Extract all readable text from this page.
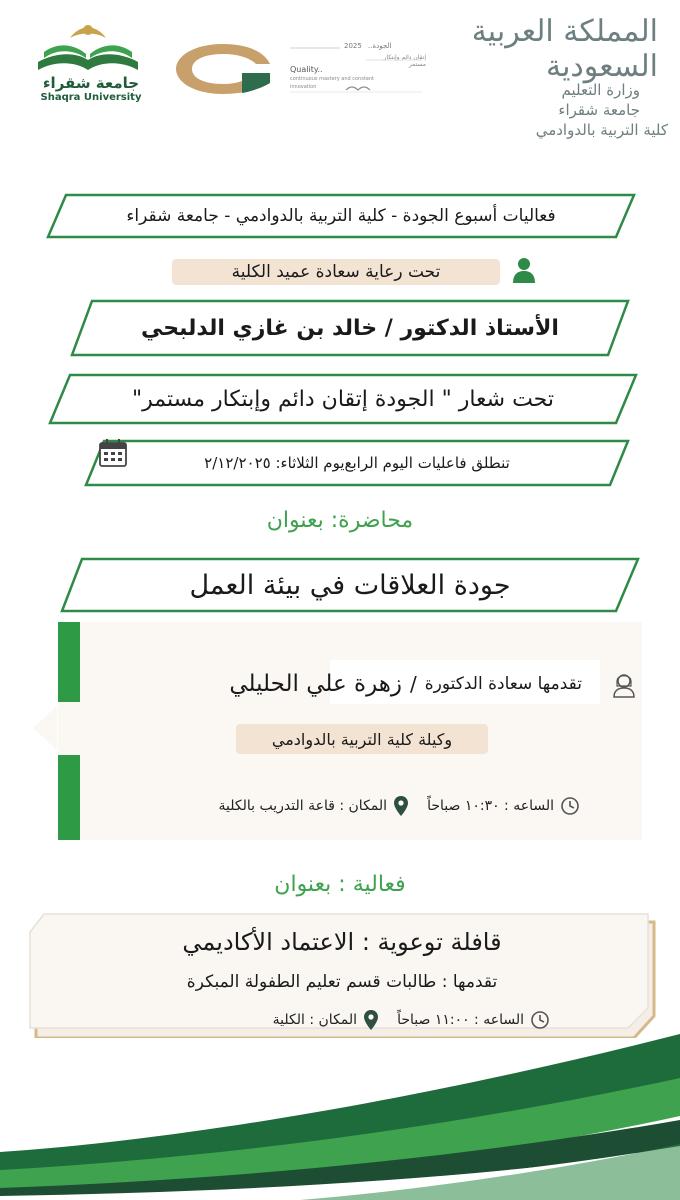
المملكة العربية السعودية
وزارة التعليم
جامعة شقراء
كلية التربية بالدوادمي
2025 الجودة..
إتقان دائم وإبتكار مستمر
Quality..
continuous mastery and constant
innovation
جامعة شقراء
Shaqra University
فعاليات أسبوع الجودة - كلية التربية بالدوادمي - جامعة شقراء
تحت رعاية سعادة عميد الكلية
الأستاذ الدكتور / خالد بن غازي الدلبحي
تحت شعار " الجودة إتقان دائم وإبتكار مستمر"
تنطلق فاعليات اليوم الرابع
يوم الثلاثاء: ٢/١٢/٢٠٢٥
محاضرة: بعنوان
جودة العلاقات في بيئة العمل
تقدمها سعادة الدكتورة
/
زهرة علي الحليلي
وكيلة كلية التربية بالدوادمي
الساعه : ١٠:٣٠ صباحاً
المكان : قاعة التدريب بالكلية
فعالية : بعنوان
قافلة توعوية : الاعتماد الأكاديمي
تقدمها : طالبات قسم تعليم الطفولة المبكرة
الساعه : ١١:٠٠ صباحاً
المكان : الكلية
